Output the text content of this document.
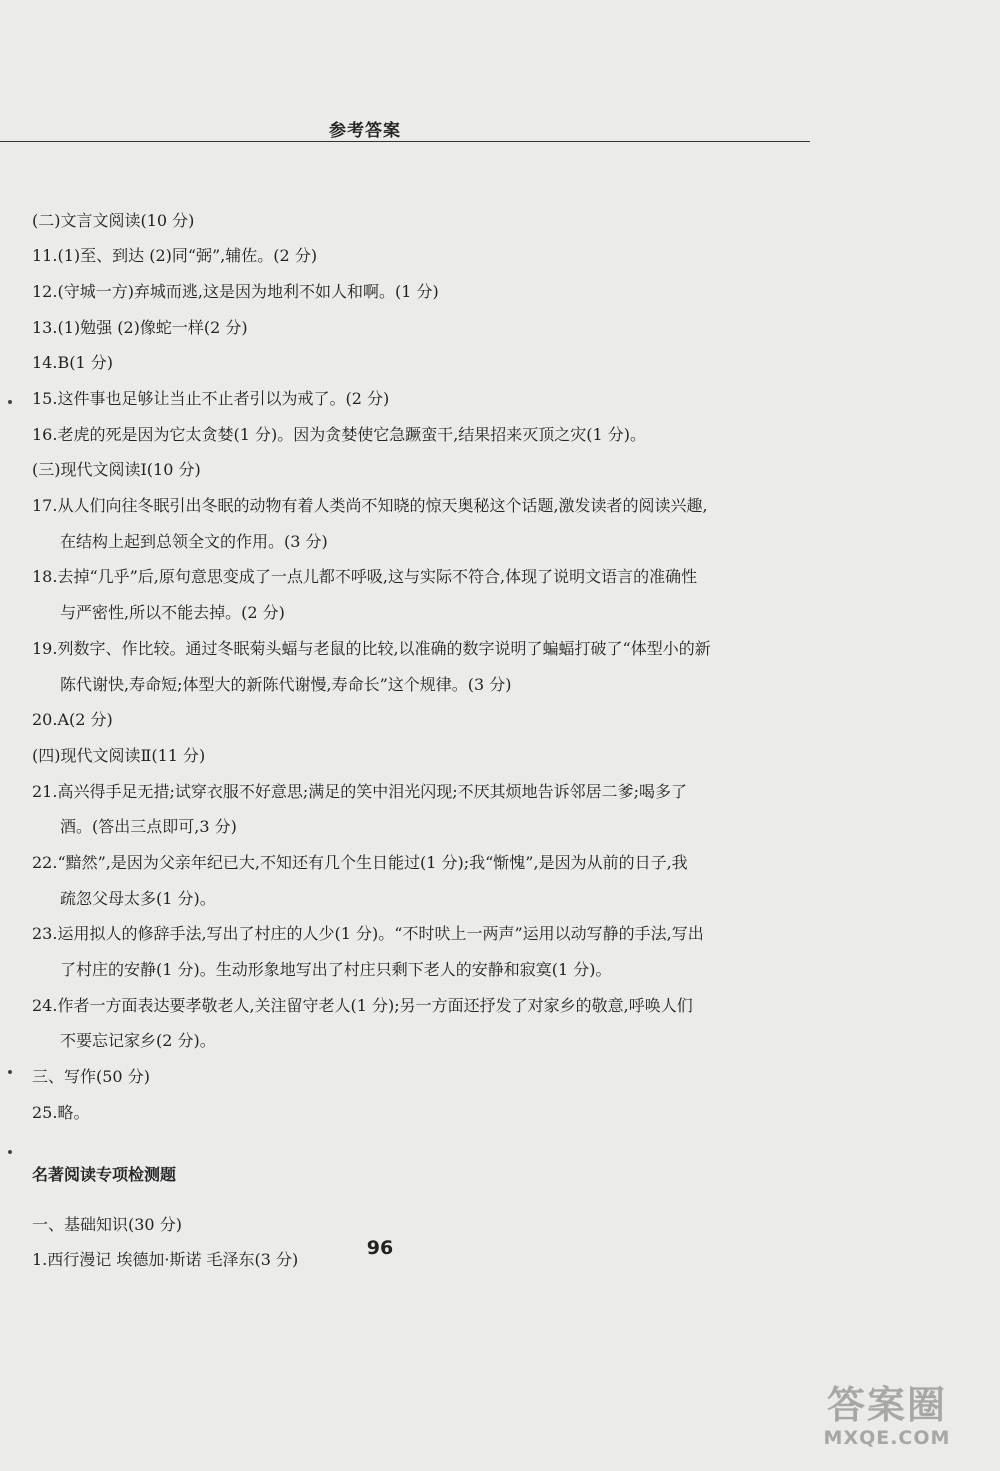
参考答案
(二)文言文阅读(10 分)
11.(1)至、到达 (2)同“弼”,辅佐。(2 分)
12.(守城一方)弃城而逃,这是因为地利不如人和啊。(1 分)
13.(1)勉强 (2)像蛇一样(2 分)
14.B(1 分)
15.这件事也足够让当止不止者引以为戒了。(2 分)
16.老虎的死是因为它太贪婪(1 分)。因为贪婪使它急蹶蛮干,结果招来灭顶之灾(1 分)。
(三)现代文阅读Ⅰ(10 分)
17.从人们向往冬眠引出冬眠的动物有着人类尚不知晓的惊天奥秘这个话题,激发读者的阅读兴趣,
在结构上起到总领全文的作用。(3 分)
18.去掉“几乎”后,原句意思变成了一点儿都不呼吸,这与实际不符合,体现了说明文语言的准确性
与严密性,所以不能去掉。(2 分)
19.列数字、作比较。通过冬眠菊头蝠与老鼠的比较,以准确的数字说明了蝙蝠打破了“体型小的新
陈代谢快,寿命短;体型大的新陈代谢慢,寿命长”这个规律。(3 分)
20.A(2 分)
(四)现代文阅读Ⅱ(11 分)
21.高兴得手足无措;试穿衣服不好意思;满足的笑中泪光闪现;不厌其烦地告诉邻居二爹;喝多了
酒。(答出三点即可,3 分)
22.“黯然”,是因为父亲年纪已大,不知还有几个生日能过(1 分);我“惭愧”,是因为从前的日子,我
疏忽父母太多(1 分)。
23.运用拟人的修辞手法,写出了村庄的人少(1 分)。“不时吠上一两声”运用以动写静的手法,写出
了村庄的安静(1 分)。生动形象地写出了村庄只剩下老人的安静和寂寞(1 分)。
24.作者一方面表达要孝敬老人,关注留守老人(1 分);另一方面还抒发了对家乡的敬意,呼唤人们
不要忘记家乡(2 分)。
三、写作(50 分)
25.略。
名著阅读专项检测题
一、基础知识(30 分)
1.西行漫记 埃德加·斯诺 毛泽东(3 分)
96
答案圈
MXQE.COM
